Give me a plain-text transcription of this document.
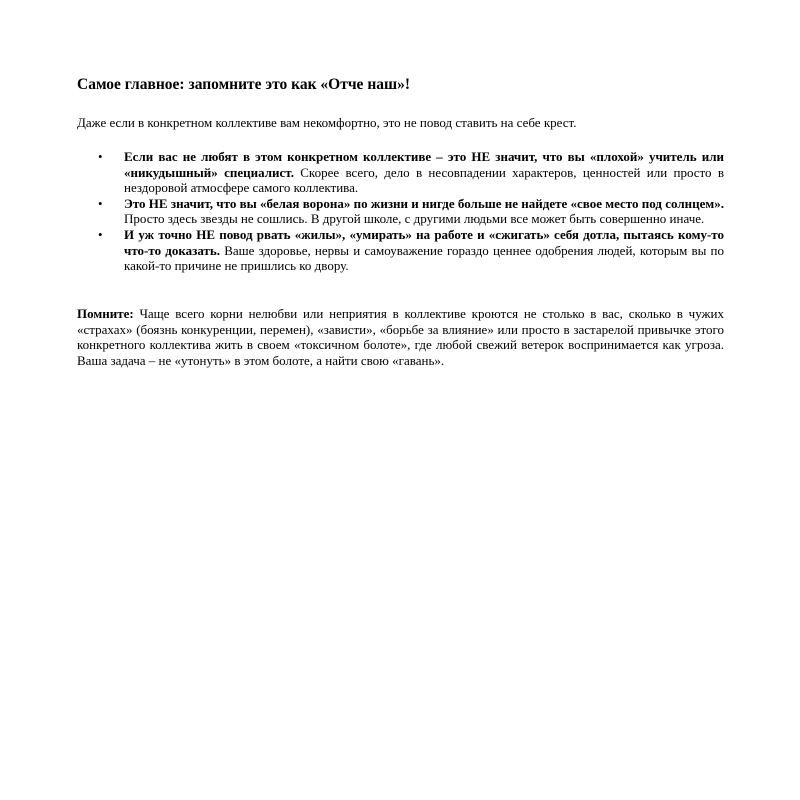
Самое главное: запомните это как «Отче наш»!

Даже если в конкретном коллективе вам некомфортно, это не повод ставить на себе крест.

• Если вас не любят в этом конкретном коллективе – это НЕ значит, что вы «плохой» учитель или «никудышный» специалист. Скорее всего, дело в несовпадении характеров, ценностей или просто в нездоровой атмосфере самого коллектива.
• Это НЕ значит, что вы «белая ворона» по жизни и нигде больше не найдете «свое место под солнцем». Просто здесь звезды не сошлись. В другой школе, с другими людьми все может быть совершенно иначе.
• И уж точно НЕ повод рвать «жилы», «умирать» на работе и «сжигать» себя дотла, пытаясь кому-то что-то доказать. Ваше здоровье, нервы и самоуважение гораздо ценнее одобрения людей, которым вы по какой-то причине не пришлись ко двору.

Помните: Чаще всего корни нелюбви или неприятия в коллективе кроются не столько в вас, сколько в чужих «страхах» (боязнь конкуренции, перемен), «зависти», «борьбе за влияние» или просто в застарелой привычке этого конкретного коллектива жить в своем «токсичном болоте», где любой свежий ветерок воспринимается как угроза. Ваша задача – не «утонуть» в этом болоте, а найти свою «гавань».
